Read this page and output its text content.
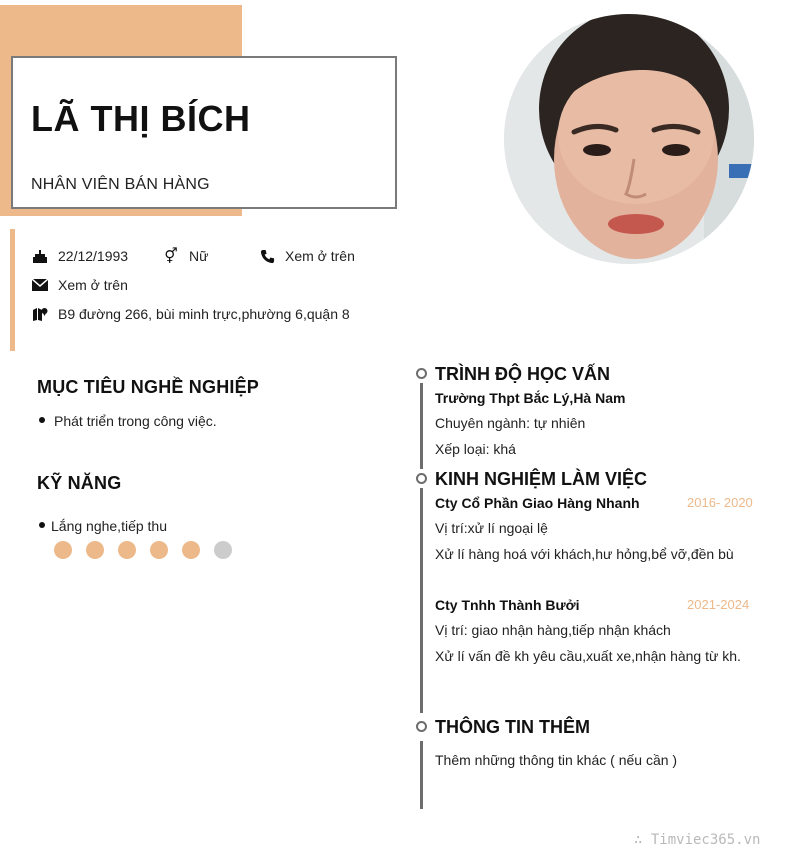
LÃ THỊ BÍCH
NHÂN VIÊN BÁN HÀNG
22/12/1993 ⚥ Nữ	Xem ở trên
Xem ở trên
B9 đường 266, bùi minh trực,phường 6,quận 8
MỤC TIÊU NGHỀ NGHIỆP
Phát triển trong công việc.
KỸ NĂNG
Lắng nghe,tiếp thu
TRÌNH ĐỘ HỌC VẤN
Trường Thpt Bắc Lý,Hà Nam
Chuyên ngành: tự nhiên
Xếp loại: khá
KINH NGHIỆM LÀM VIỆC
Cty Cổ Phần Giao Hàng Nhanh	2016- 2020
Vị trí:xử lí ngoại lệ
Xử lí hàng hoá với khách,hư hỏng,bể vỡ,đền bù
Cty Tnhh Thành Bưởi	2021-2024
Vị trí: giao nhận hàng,tiếp nhận khách
Xử lí vấn đề kh yêu cầu,xuất xe,nhận hàng từ kh.
THÔNG TIN THÊM
Thêm những thông tin khác ( nếu cần )
∴ Timviec365.vn
